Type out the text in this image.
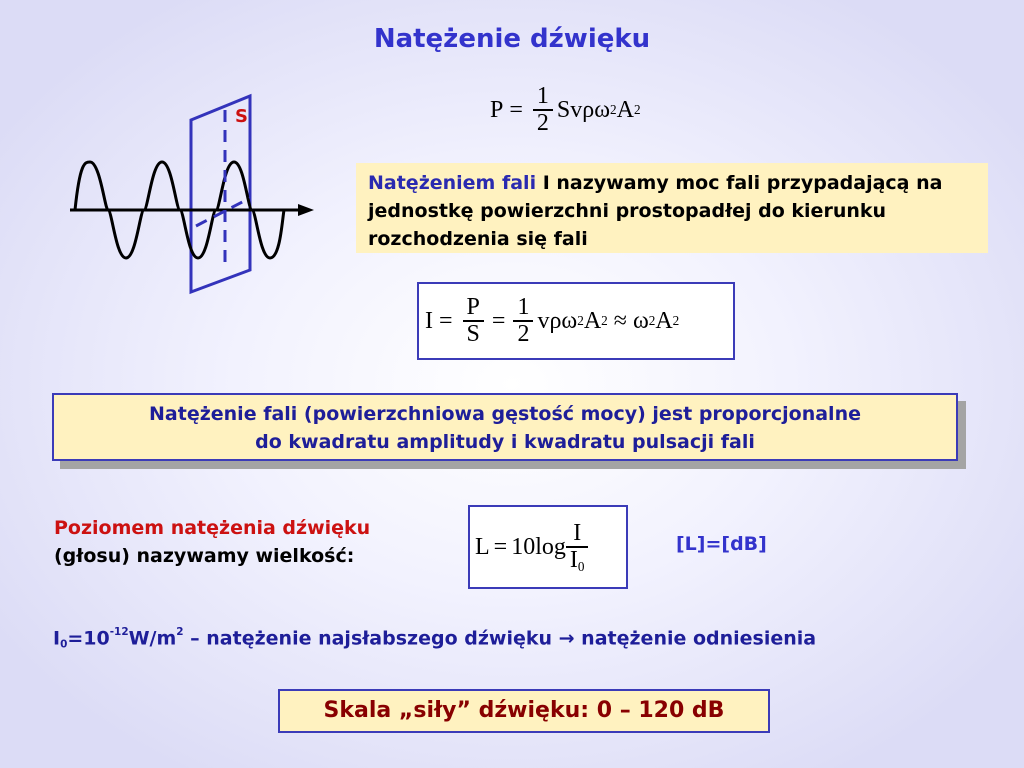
Natężenie dźwięku
S	$P = \frac{1}{2}$ Svρω 2 A 2
Natężeniem fali I nazywamy moc fali przypadającą na jednostkę powierzchni prostopadłej do kierunku rozchodzenia się fali
$I = \frac{P}{S} = \frac{1}{2}$ vρω 2 A 2 ≈ ω 2 A 2
Natężenie fali (powierzchniowa gęstość mocy) jest proporcjonalne
do kwadratu amplitudy i kwadratu pulsacji fali
Poziomem natężenia dźwięku
(głosu) nazywamy wielkość:	$L = 10\log \frac{I}{I_0}$	[L]=[dB]
$I_0=10^{-12}W/m^2$ – natężenie najsłabszego dźwięku → natężenie odniesienia
Skala „siły” dźwięku: 0 – 120 dB
